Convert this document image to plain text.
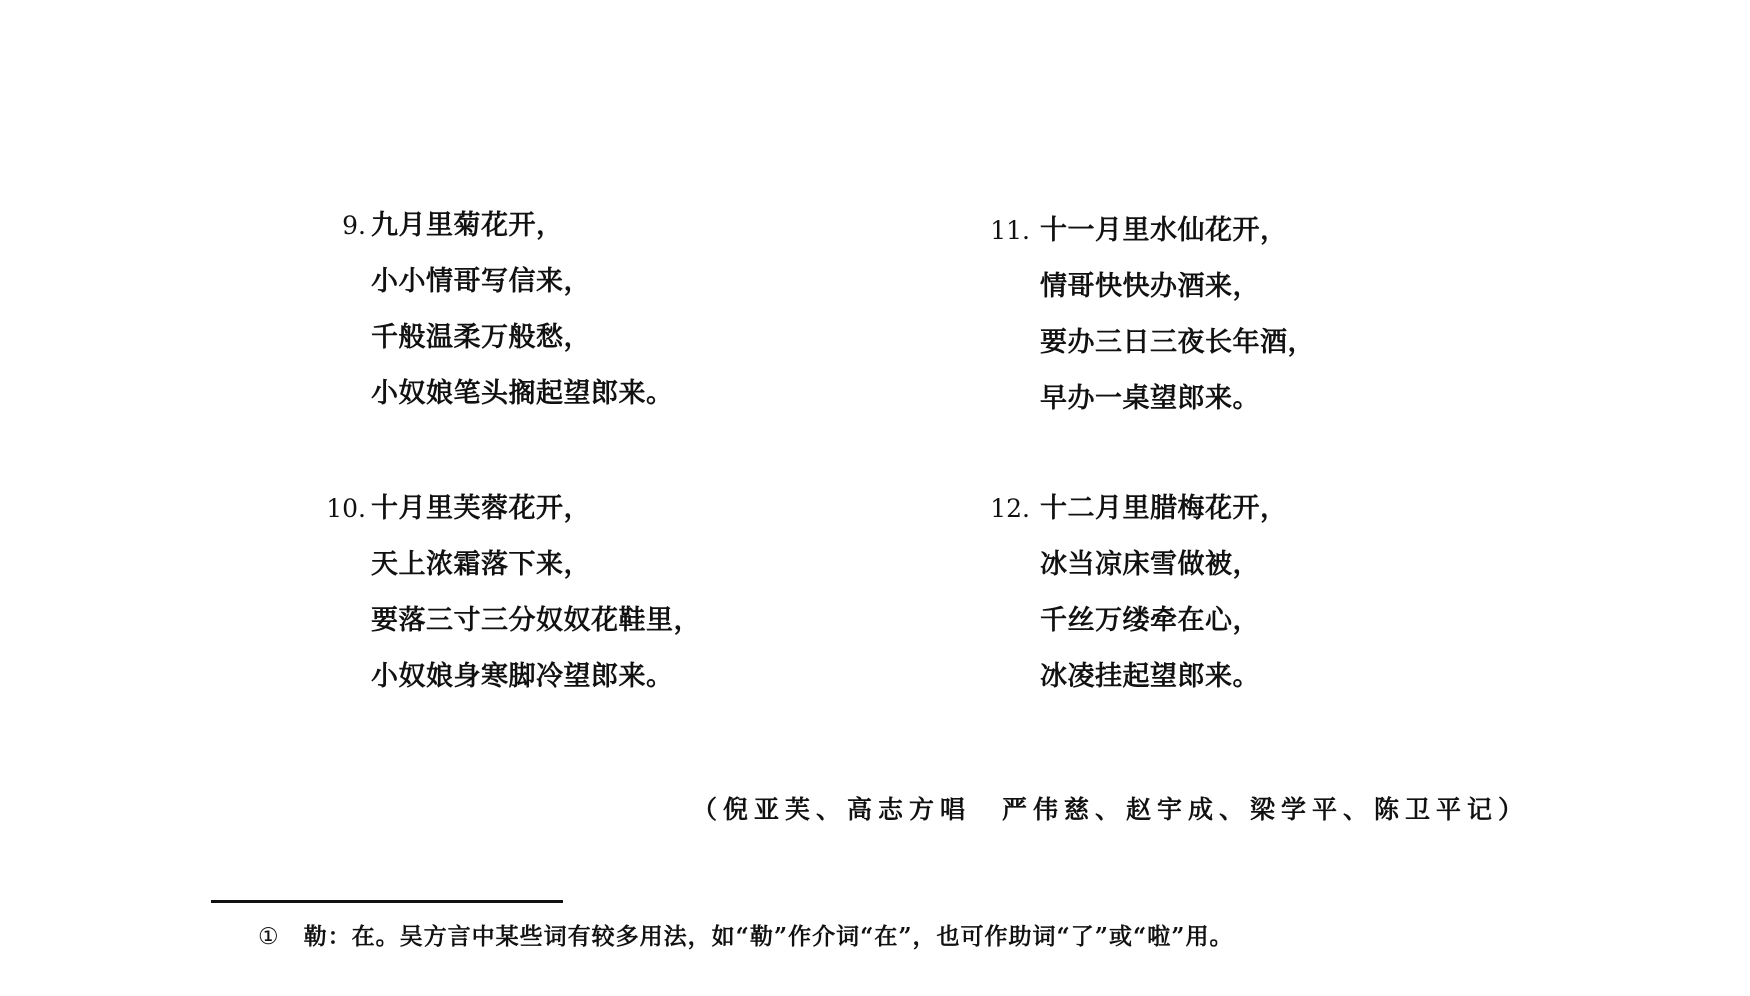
9. 九月里菊花开，
小小情哥写信来，
千般温柔万般愁，
小奴娘笔头搁起望郎来。
10. 十月里芙蓉花开，
天上浓霜落下来，
要落三寸三分奴奴花鞋里，
小奴娘身寒脚冷望郎来。
11. 十一月里水仙花开，
情哥快快办酒来，
要办三日三夜长年酒，
早办一桌望郎来。
12. 十二月里腊梅花开，
冰当凉床雪做被，
千丝万缕牵在心，
冰凌挂起望郎来。
（倪亚芙、高志方唱　严伟慈、赵宇成、梁学平、陈卫平记）
① 勒：在。吴方言中某些词有较多用法，如“勒”作介词“在”，也可作助词“了”或“啦”用。
